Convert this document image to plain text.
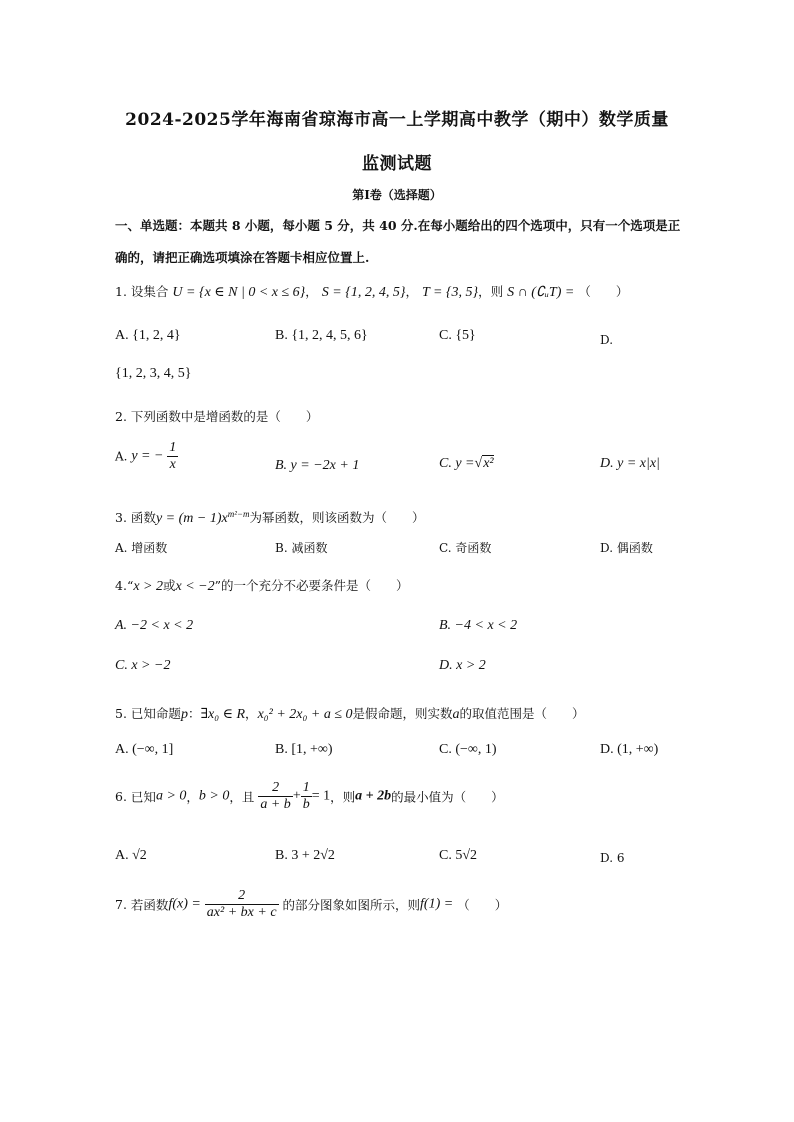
2024-2025学年海南省琼海市高一上学期高中教学（期中）数学质量
监测试题
第Ⅰ卷（选择题）
一、单选题：本题共 8 小题，每小题 5 分，共 40 分.在每小题给出的四个选项中，只有一个选项是正确的，请把正确选项填涂在答题卡相应位置上.
1. 设集合 U = {x ∈ N | 0 < x ≤ 6}， S = {1, 2, 4, 5}， T = {3, 5}，则 S ∩ (∁ᵤT) = （　　）
A. {1, 2, 4}	B. {1, 2, 4, 5, 6}	C. {5}	D.
{1, 2, 3, 4, 5}
2. 下列函数中是增函数的是（　　）
A. y = − $\frac{1}{x}$	B. y = −2x + 1	C. y =√x²	D. y = x|x|
3. 函数$y = (m - 1)x^{m^2-m}$为幂函数，则该函数为（　　）
A. 增函数	B. 减函数	C. 奇函数	D. 偶函数
4.“x > 2或x < −2”的一个充分不必要条件是（　　）
A. −2 < x < 2	B. −4 < x < 2
C. x > −2	D. x > 2
5. 已知命题p：∃x₀ ∈ R，x₀² + 2x₀ + a ≤ 0是假命题，则实数a的取值范围是（　　）
A. (−∞, 1]	B. [1, +∞)	C. (−∞, 1)	D. (1, +∞)
6. 已知a > 0，b > 0，且 $\frac{2}{a + b} + \frac{1}{b} = 1$，则a + 2b的最小值为（　　）
A. √2	B. 3 + 2√2	C. 5√2	D. 6
7. 若函数$f(x) = \frac{2}{\text{ax² + bx + c}}$ 的部分图象如图所示，则f(1) = （　　）
